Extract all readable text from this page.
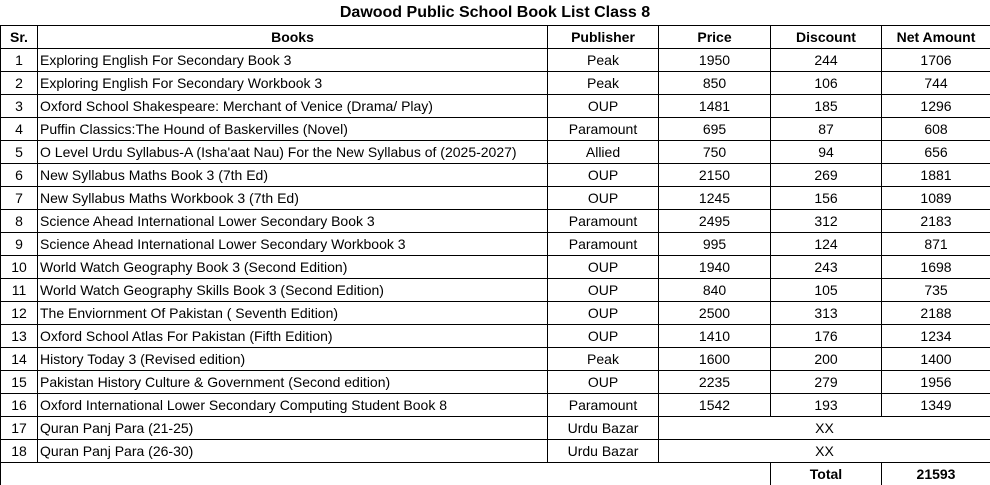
Dawood Public School Book List Class 8
Sr.	Books	Publisher	Price	Discount	Net Amount
1	Exploring English For Secondary Book 3	Peak	1950	244	1706
2	Exploring English For Secondary Workbook 3	Peak	850	106	744
3	Oxford School Shakespeare: Merchant of Venice (Drama/ Play)	OUP	1481	185	1296
4	Puffin Classics:The Hound of Baskervilles (Novel)	Paramount	695	87	608
5	O Level Urdu Syllabus-A (Isha'aat Nau) For the New Syllabus of (2025-2027)	Allied	750	94	656
6	New Syllabus Maths Book 3 (7th Ed)	OUP	2150	269	1881
7	New Syllabus Maths Workbook 3 (7th Ed)	OUP	1245	156	1089
8	Science Ahead International Lower Secondary Book 3	Paramount	2495	312	2183
9	Science Ahead International Lower Secondary Workbook 3	Paramount	995	124	871
10	World Watch Geography Book 3 (Second Edition)	OUP	1940	243	1698
11	World Watch Geography Skills Book 3 (Second Edition)	OUP	840	105	735
12	The Enviornment Of Pakistan ( Seventh Edition)	OUP	2500	313	2188
13	Oxford School Atlas For Pakistan (Fifth Edition)	OUP	1410	176	1234
14	History Today 3 (Revised edition)	Peak	1600	200	1400
15	Pakistan History Culture & Government (Second edition)	OUP	2235	279	1956
16	Oxford International Lower Secondary Computing Student Book 8	Paramount	1542	193	1349
17	Quran Panj Para (21-25)	Urdu Bazar	XX		
18	Quran Panj Para (26-30)	Urdu Bazar	XX		
				Total	21593
